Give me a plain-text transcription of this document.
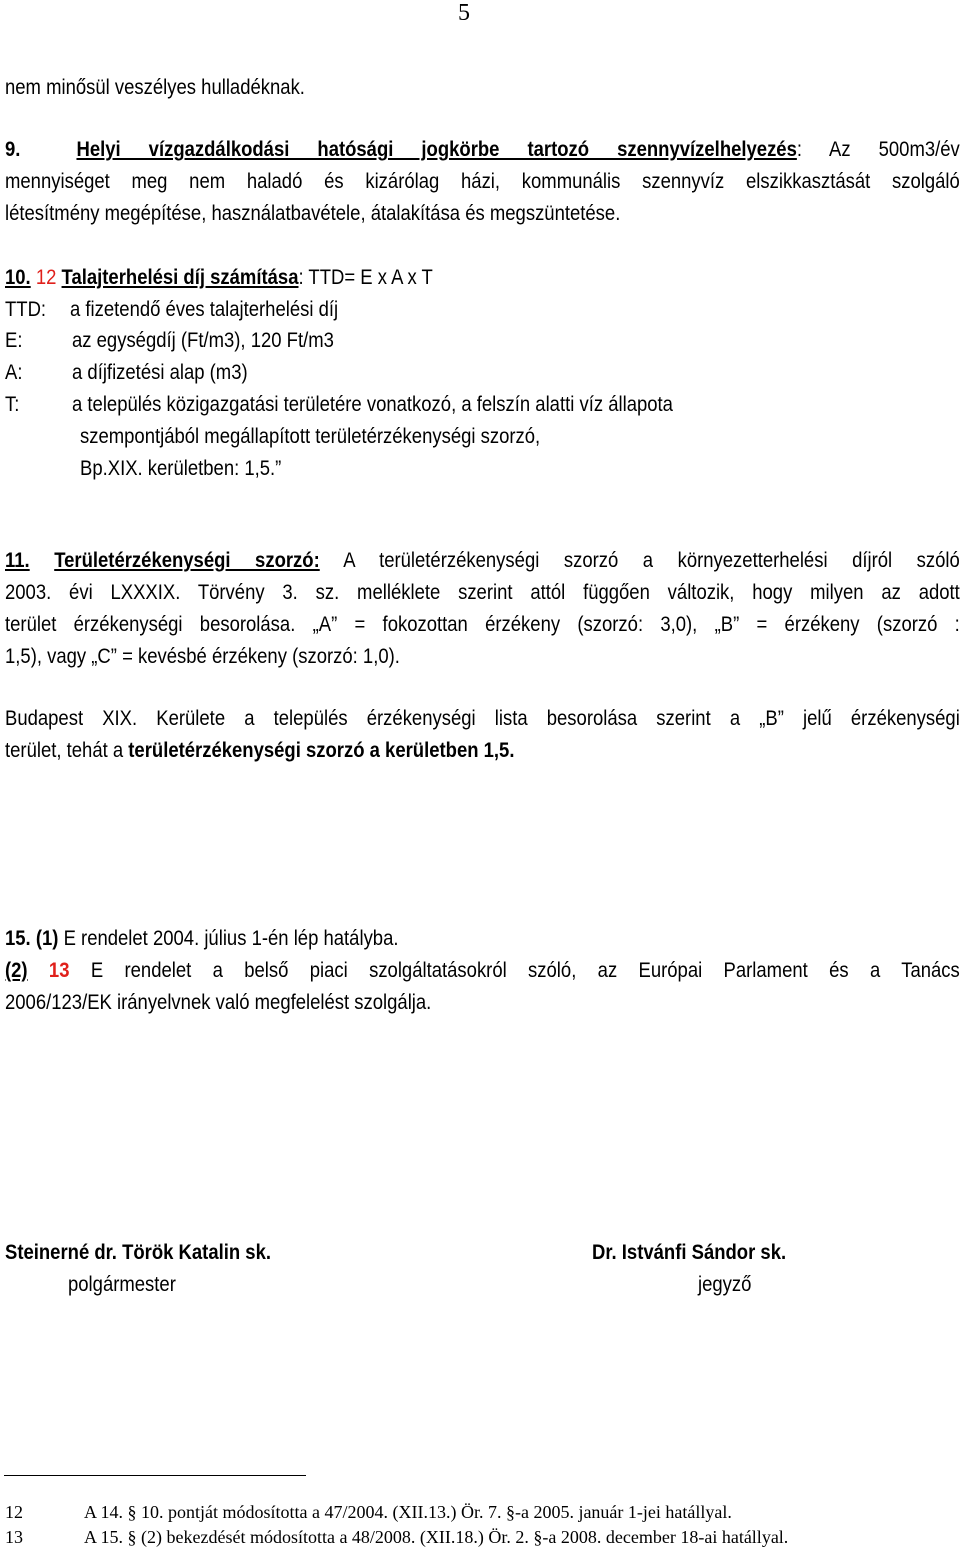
5
nem minősül veszélyes hulladéknak.
9.	Helyi vízgazdálkodási hatósági jogkörbe tartozó szennyvízelhelyezés: Az 500m3/év
mennyiséget meg nem haladó és kizárólag házi, kommunális szennyvíz elszikkasztását szolgáló
létesítmény megépítése, használatbavétele, átalakítása és megszüntetése.
10. 12 Talajterhelési díj számítása: TTD= E x A x T
TTD: a fizetendő éves talajterhelési díj
E: az egységdíj (Ft/m3), 120 Ft/m3
A: a díjfizetési alap (m3)
T:	a település közigazgatási területére vonatkozó, a felszín alatti víz állapota
szempontjából megállapított területérzékenységi szorzó,
Bp.XIX. kerületben: 1,5.”
11. Területérzékenységi szorzó: A területérzékenységi szorzó a környezetterhelési díjról szóló
2003. évi LXXXIX. Törvény 3. sz. melléklete szerint attól függően változik, hogy milyen az adott
terület érzékenységi besorolása. „A” = fokozottan érzékeny (szorzó: 3,0), „B” = érzékeny (szorzó :
1,5), vagy „C” = kevésbé érzékeny (szorzó: 1,0).
Budapest XIX. Kerülete a település érzékenységi lista besorolása szerint a „B” jelű érzékenységi
terület, tehát a területérzékenységi szorzó a kerületben 1,5.
15. (1) E rendelet 2004. július 1-én lép hatályba.
(2) 13 E rendelet a belső piaci szolgáltatásokról szóló, az Európai Parlament és a Tanács
2006/123/EK irányelvnek való megfelelést szolgálja.
Steinerné dr. Török Katalin sk.
polgármester
Dr. Istvánfi Sándor sk.
jegyző
12	A 14. § 10. pontját módosította a 47/2004. (XII.13.) Ör. 7. §-a 2005. január 1-jei hatállyal.
13	A 15. § (2) bekezdését módosította a 48/2008. (XII.18.) Ör. 2. §-a 2008. december 18-ai hatállyal.
